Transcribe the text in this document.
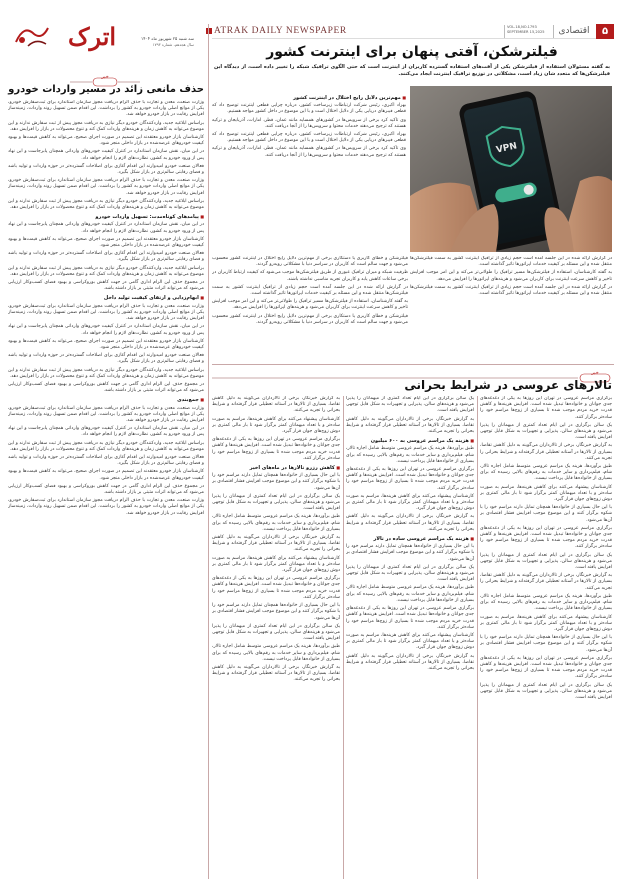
اترک	سه شنبه ۲۵ شهریور ماه ۱۴۰۴
سال هجدهم، شماره ۱۷۹۳
ATRAK DAILY NEWSPAPER	VOL.18,NO.1793
SEPTEMBER 15,2025	اقتصادی	۵
فیلترشکن، آفتی پنهان برای اینترنت کشور
به گفته مسئولان استفاده از فیلترشکن یکی از آفت‌های استفاده گسترده کاربران از اینترنت است که حتی الگوی ترافیک شبکه را تغییر داده است، از دیدگاه این فیلترشکن‌ها که متعدد شان زیاد است، مشکلاتی در توزیع ترافیک اینترنت ایجاد می‌کنند.
VPN

فیلترشکن و خطای کاربری یا دستکاری برخی از مهم‌ترین دلایل رایج اختلال در اینترنت کشور محسوب می‌شود و جهت سالم است که کاربران در سراسر دنیا با مشکلاتی روبه‌رو گردند.

ظرفیت شبکه و میزان ترافیک عبوری از طریق فیلترشکن‌ها موجب می‌شود که کیفیت ارتباط کاربران در برخی ساعات کاهش یابد و کاربران تجربه مناسبی نداشته باشند.

در گزارش ارائه شده در این جلسه آمده است حجم زیادی از ترافیک اینترنت کشور به سمت فیلترشکن‌ها منتقل شده و این مسئله بر کیفیت خدمات اپراتورها تاثیر گذاشته است.

به گفته کارشناسان، استفاده از فیلترشکن‌ها مسیر ترافیک را طولانی‌تر می‌کند و این امر موجب افزایش تاخیر و کاهش سرعت اینترنت برای کاربران می‌شود و هزینه‌های اپراتورها را افزایش می‌دهد.

فیلترشکن و خطای کاربری یا دستکاری برخی از مهم‌ترین دلایل رایج اختلال در اینترنت کشور محسوب می‌شود و جهت سالم است که کاربران در سراسر دنیا با مشکلاتی روبه‌رو گردند.

در گزارش ارائه شده در این جلسه آمده است حجم زیادی از ترافیک اینترنت کشور به سمت فیلترشکن‌ها منتقل شده و این مسئله بر کیفیت خدمات اپراتورها تاثیر گذاشته است.

به گفته کارشناسان، استفاده از فیلترشکن‌ها مسیر ترافیک را طولانی‌تر می‌کند و این امر موجب افزایش تاخیر و کاهش سرعت اینترنت برای کاربران می‌شود و هزینه‌های اپراتورها را افزایش می‌دهد.

در گزارش ارائه شده در این جلسه آمده است حجم زیادی از ترافیک اینترنت کشور به سمت فیلترشکن‌ها منتقل شده و این مسئله بر کیفیت خدمات اپراتورها تاثیر گذاشته است.

■ مهم‌ترین دلایل رایج اختلال در اینترنت کشور

بهزاد اکبری، رئیس شرکت ارتباطات زیرساخت کشور، درباره چرایی قطعی اینترنت توضیح داد که قطعی فیبرهای دریایی یکی از دلایل اختلال است و با این موضوع در داخل کشور مواجه هستیم.

وی تاکید کرد برخی از سرویس‌ها در کشورهای همسایه مانند عمان، قطر، امارات، آذربایجان و ترکیه هستند که ترجیح می‌دهند خدمات محتوا و سرویس‌ها را از آنجا دریافت کنند.

بهزاد اکبری، رئیس شرکت ارتباطات زیرساخت کشور، درباره چرایی قطعی اینترنت توضیح داد که قطعی فیبرهای دریایی یکی از دلایل اختلال است و با این موضوع در داخل کشور مواجه هستیم.

وی تاکید کرد برخی از سرویس‌ها در کشورهای همسایه مانند عمان، قطر، امارات، آذربایجان و ترکیه هستند که ترجیح می‌دهند خدمات محتوا و سرویس‌ها را از آنجا دریافت کنند.

خبر
حذف مانعی زائد در مسیر واردات خودرو

وزارت صنعت، معدن و تجارت با حذف الزام دریافت مجوز سازمان استاندارد برای ثبت‌سفارش خودرو، یکی از موانع اصلی واردات خودرو به کشور را برداشت. این اقدام ضمن تسهیل روند واردات، زمینه‌ساز افزایش رقابت در بازار خودرو خواهد شد.

براساس ابلاغیه جدید، واردکنندگان خودرو دیگر نیازی به دریافت مجوز پیش از ثبت سفارش ندارند و این موضوع می‌تواند به کاهش زمان و هزینه‌های واردات کمک کند و تنوع محصولات در بازار را افزایش دهد.

کارشناسان بازار خودرو معتقدند این تصمیم در صورت اجرای صحیح، می‌تواند به کاهش قیمت‌ها و بهبود کیفیت خودروهای عرضه‌شده در بازار داخلی منجر شود.

در این میان، نقش سازمان استاندارد در کنترل کیفیت خودروهای وارداتی همچنان پابرجاست و این نهاد پس از ورود خودرو به کشور، نظارت‌های لازم را انجام خواهد داد.

فعالان صنعت خودرو امیدوارند این اقدام آغازی برای اصلاحات گسترده‌تر در حوزه واردات و تولید باشد و فضای رقابتی سالم‌تری در بازار شکل بگیرد.

وزارت صنعت، معدن و تجارت با حذف الزام دریافت مجوز سازمان استاندارد برای ثبت‌سفارش خودرو، یکی از موانع اصلی واردات خودرو به کشور را برداشت. این اقدام ضمن تسهیل روند واردات، زمینه‌ساز افزایش رقابت در بازار خودرو خواهد شد.

براساس ابلاغیه جدید، واردکنندگان خودرو دیگر نیازی به دریافت مجوز پیش از ثبت سفارش ندارند و این موضوع می‌تواند به کاهش زمان و هزینه‌های واردات کمک کند و تنوع محصولات در بازار را افزایش دهد.

■ پیامدهای کوتاه‌مدت: تسهیل واردات خودرو

در این میان، نقش سازمان استاندارد در کنترل کیفیت خودروهای وارداتی همچنان پابرجاست و این نهاد پس از ورود خودرو به کشور، نظارت‌های لازم را انجام خواهد داد.

کارشناسان بازار خودرو معتقدند این تصمیم در صورت اجرای صحیح، می‌تواند به کاهش قیمت‌ها و بهبود کیفیت خودروهای عرضه‌شده در بازار داخلی منجر شود.

فعالان صنعت خودرو امیدوارند این اقدام آغازی برای اصلاحات گسترده‌تر در حوزه واردات و تولید باشد و فضای رقابتی سالم‌تری در بازار شکل بگیرد.

براساس ابلاغیه جدید، واردکنندگان خودرو دیگر نیازی به دریافت مجوز پیش از ثبت سفارش ندارند و این موضوع می‌تواند به کاهش زمان و هزینه‌های واردات کمک کند و تنوع محصولات در بازار را افزایش دهد.

در مجموع حذف این الزام اداری گامی در جهت کاهش بوروکراسی و بهبود فضای کسب‌وکار ارزیابی می‌شود که می‌تواند اثرات مثبتی بر بازار داشته باشد.

■ ابهام‌زدایی و ارتقای کیفیت تولید داخل

وزارت صنعت، معدن و تجارت با حذف الزام دریافت مجوز سازمان استاندارد برای ثبت‌سفارش خودرو، یکی از موانع اصلی واردات خودرو به کشور را برداشت. این اقدام ضمن تسهیل روند واردات، زمینه‌ساز افزایش رقابت در بازار خودرو خواهد شد.

در این میان، نقش سازمان استاندارد در کنترل کیفیت خودروهای وارداتی همچنان پابرجاست و این نهاد پس از ورود خودرو به کشور، نظارت‌های لازم را انجام خواهد داد.

کارشناسان بازار خودرو معتقدند این تصمیم در صورت اجرای صحیح، می‌تواند به کاهش قیمت‌ها و بهبود کیفیت خودروهای عرضه‌شده در بازار داخلی منجر شود.

فعالان صنعت خودرو امیدوارند این اقدام آغازی برای اصلاحات گسترده‌تر در حوزه واردات و تولید باشد و فضای رقابتی سالم‌تری در بازار شکل بگیرد.

براساس ابلاغیه جدید، واردکنندگان خودرو دیگر نیازی به دریافت مجوز پیش از ثبت سفارش ندارند و این موضوع می‌تواند به کاهش زمان و هزینه‌های واردات کمک کند و تنوع محصولات در بازار را افزایش دهد.

در مجموع حذف این الزام اداری گامی در جهت کاهش بوروکراسی و بهبود فضای کسب‌وکار ارزیابی می‌شود که می‌تواند اثرات مثبتی بر بازار داشته باشد.

■ جمع‌بندی

وزارت صنعت، معدن و تجارت با حذف الزام دریافت مجوز سازمان استاندارد برای ثبت‌سفارش خودرو، یکی از موانع اصلی واردات خودرو به کشور را برداشت. این اقدام ضمن تسهیل روند واردات، زمینه‌ساز افزایش رقابت در بازار خودرو خواهد شد.

در این میان، نقش سازمان استاندارد در کنترل کیفیت خودروهای وارداتی همچنان پابرجاست و این نهاد پس از ورود خودرو به کشور، نظارت‌های لازم را انجام خواهد داد.

براساس ابلاغیه جدید، واردکنندگان خودرو دیگر نیازی به دریافت مجوز پیش از ثبت سفارش ندارند و این موضوع می‌تواند به کاهش زمان و هزینه‌های واردات کمک کند و تنوع محصولات در بازار را افزایش دهد.

فعالان صنعت خودرو امیدوارند این اقدام آغازی برای اصلاحات گسترده‌تر در حوزه واردات و تولید باشد و فضای رقابتی سالم‌تری در بازار شکل بگیرد.

کارشناسان بازار خودرو معتقدند این تصمیم در صورت اجرای صحیح، می‌تواند به کاهش قیمت‌ها و بهبود کیفیت خودروهای عرضه‌شده در بازار داخلی منجر شود.

در مجموع حذف این الزام اداری گامی در جهت کاهش بوروکراسی و بهبود فضای کسب‌وکار ارزیابی می‌شود که می‌تواند اثرات مثبتی بر بازار داشته باشد.

وزارت صنعت، معدن و تجارت با حذف الزام دریافت مجوز سازمان استاندارد برای ثبت‌سفارش خودرو، یکی از موانع اصلی واردات خودرو به کشور را برداشت. این اقدام ضمن تسهیل روند واردات، زمینه‌ساز افزایش رقابت در بازار خودرو خواهد شد.

خبر
تالارهای عروسی در شرایط بحرانی

برگزاری مراسم عروسی در تهران این روزها به یکی از دغدغه‌های جدی جوانان و خانواده‌ها تبدیل شده است. افزایش هزینه‌ها و کاهش قدرت خرید مردم موجب شده تا بسیاری از زوج‌ها مراسم خود را ساده‌تر برگزار کنند.

یک سالن برگزاری در این ایام تعداد کمتری از میهمانان را پذیرا می‌شود و هزینه‌های سالن، پذیرایی و تجهیزات به شکل قابل توجهی افزایش یافته است.

به گزارش خبرنگار، برخی از تالارداران می‌گویند به دلیل کاهش تقاضا، بسیاری از تالارها در آستانه تعطیلی قرار گرفته‌اند و شرایط بحرانی را تجربه می‌کنند.

طبق برآوردها، هزینه یک مراسم عروسی متوسط شامل اجاره تالار، شام، فیلم‌برداری و سایر خدمات به رقم‌های بالایی رسیده که برای بسیاری از خانواده‌ها قابل پرداخت نیست.

کارشناسان پیشنهاد می‌کنند برای کاهش هزینه‌ها، مراسم به صورت ساده‌تر و با تعداد میهمانان کمتر برگزار شود تا بار مالی کمتری بر دوش زوج‌های جوان قرار گیرد.

با این حال بسیاری از خانواده‌ها همچنان تمایل دارند مراسم خود را با شکوه برگزار کنند و این موضوع موجب افزایش فشار اقتصادی بر آن‌ها می‌شود.

برگزاری مراسم عروسی در تهران این روزها به یکی از دغدغه‌های جدی جوانان و خانواده‌ها تبدیل شده است. افزایش هزینه‌ها و کاهش قدرت خرید مردم موجب شده تا بسیاری از زوج‌ها مراسم خود را ساده‌تر برگزار کنند.

یک سالن برگزاری در این ایام تعداد کمتری از میهمانان را پذیرا می‌شود و هزینه‌های سالن، پذیرایی و تجهیزات به شکل قابل توجهی افزایش یافته است.

به گزارش خبرنگار، برخی از تالارداران می‌گویند به دلیل کاهش تقاضا، بسیاری از تالارها در آستانه تعطیلی قرار گرفته‌اند و شرایط بحرانی را تجربه می‌کنند.

طبق برآوردها، هزینه یک مراسم عروسی متوسط شامل اجاره تالار، شام، فیلم‌برداری و سایر خدمات به رقم‌های بالایی رسیده که برای بسیاری از خانواده‌ها قابل پرداخت نیست.

کارشناسان پیشنهاد می‌کنند برای کاهش هزینه‌ها، مراسم به صورت ساده‌تر و با تعداد میهمانان کمتر برگزار شود تا بار مالی کمتری بر دوش زوج‌های جوان قرار گیرد.

با این حال بسیاری از خانواده‌ها همچنان تمایل دارند مراسم خود را با شکوه برگزار کنند و این موضوع موجب افزایش فشار اقتصادی بر آن‌ها می‌شود.

برگزاری مراسم عروسی در تهران این روزها به یکی از دغدغه‌های جدی جوانان و خانواده‌ها تبدیل شده است. افزایش هزینه‌ها و کاهش قدرت خرید مردم موجب شده تا بسیاری از زوج‌ها مراسم خود را ساده‌تر برگزار کنند.

یک سالن برگزاری در این ایام تعداد کمتری از میهمانان را پذیرا می‌شود و هزینه‌های سالن، پذیرایی و تجهیزات به شکل قابل توجهی افزایش یافته است.

یک سالن برگزاری در این ایام تعداد کمتری از میهمانان را پذیرا می‌شود و هزینه‌های سالن، پذیرایی و تجهیزات به شکل قابل توجهی افزایش یافته است.

به گزارش خبرنگار، برخی از تالارداران می‌گویند به دلیل کاهش تقاضا، بسیاری از تالارها در آستانه تعطیلی قرار گرفته‌اند و شرایط بحرانی را تجربه می‌کنند.

■ هزینه یک مراسم عروسی به ۶۰۰ میلیون

طبق برآوردها، هزینه یک مراسم عروسی متوسط شامل اجاره تالار، شام، فیلم‌برداری و سایر خدمات به رقم‌های بالایی رسیده که برای بسیاری از خانواده‌ها قابل پرداخت نیست.

برگزاری مراسم عروسی در تهران این روزها به یکی از دغدغه‌های جدی جوانان و خانواده‌ها تبدیل شده است. افزایش هزینه‌ها و کاهش قدرت خرید مردم موجب شده تا بسیاری از زوج‌ها مراسم خود را ساده‌تر برگزار کنند.

کارشناسان پیشنهاد می‌کنند برای کاهش هزینه‌ها، مراسم به صورت ساده‌تر و با تعداد میهمانان کمتر برگزار شود تا بار مالی کمتری بر دوش زوج‌های جوان قرار گیرد.

به گزارش خبرنگار، برخی از تالارداران می‌گویند به دلیل کاهش تقاضا، بسیاری از تالارها در آستانه تعطیلی قرار گرفته‌اند و شرایط بحرانی را تجربه می‌کنند.

■ هزینه یک مراسم عروسی ساده در تالار

با این حال بسیاری از خانواده‌ها همچنان تمایل دارند مراسم خود را با شکوه برگزار کنند و این موضوع موجب افزایش فشار اقتصادی بر آن‌ها می‌شود.

یک سالن برگزاری در این ایام تعداد کمتری از میهمانان را پذیرا می‌شود و هزینه‌های سالن، پذیرایی و تجهیزات به شکل قابل توجهی افزایش یافته است.

طبق برآوردها، هزینه یک مراسم عروسی متوسط شامل اجاره تالار، شام، فیلم‌برداری و سایر خدمات به رقم‌های بالایی رسیده که برای بسیاری از خانواده‌ها قابل پرداخت نیست.

برگزاری مراسم عروسی در تهران این روزها به یکی از دغدغه‌های جدی جوانان و خانواده‌ها تبدیل شده است. افزایش هزینه‌ها و کاهش قدرت خرید مردم موجب شده تا بسیاری از زوج‌ها مراسم خود را ساده‌تر برگزار کنند.

کارشناسان پیشنهاد می‌کنند برای کاهش هزینه‌ها، مراسم به صورت ساده‌تر و با تعداد میهمانان کمتر برگزار شود تا بار مالی کمتری بر دوش زوج‌های جوان قرار گیرد.

به گزارش خبرنگار، برخی از تالارداران می‌گویند به دلیل کاهش تقاضا، بسیاری از تالارها در آستانه تعطیلی قرار گرفته‌اند و شرایط بحرانی را تجربه می‌کنند.

به گزارش خبرنگار، برخی از تالارداران می‌گویند به دلیل کاهش تقاضا، بسیاری از تالارها در آستانه تعطیلی قرار گرفته‌اند و شرایط بحرانی را تجربه می‌کنند.

کارشناسان پیشنهاد می‌کنند برای کاهش هزینه‌ها، مراسم به صورت ساده‌تر و با تعداد میهمانان کمتر برگزار شود تا بار مالی کمتری بر دوش زوج‌های جوان قرار گیرد.

برگزاری مراسم عروسی در تهران این روزها به یکی از دغدغه‌های جدی جوانان و خانواده‌ها تبدیل شده است. افزایش هزینه‌ها و کاهش قدرت خرید مردم موجب شده تا بسیاری از زوج‌ها مراسم خود را ساده‌تر برگزار کنند.

■ کاهش رزرو تالارها در ماه‌های اخیر

با این حال بسیاری از خانواده‌ها همچنان تمایل دارند مراسم خود را با شکوه برگزار کنند و این موضوع موجب افزایش فشار اقتصادی بر آن‌ها می‌شود.

یک سالن برگزاری در این ایام تعداد کمتری از میهمانان را پذیرا می‌شود و هزینه‌های سالن، پذیرایی و تجهیزات به شکل قابل توجهی افزایش یافته است.

طبق برآوردها، هزینه یک مراسم عروسی متوسط شامل اجاره تالار، شام، فیلم‌برداری و سایر خدمات به رقم‌های بالایی رسیده که برای بسیاری از خانواده‌ها قابل پرداخت نیست.

به گزارش خبرنگار، برخی از تالارداران می‌گویند به دلیل کاهش تقاضا، بسیاری از تالارها در آستانه تعطیلی قرار گرفته‌اند و شرایط بحرانی را تجربه می‌کنند.

کارشناسان پیشنهاد می‌کنند برای کاهش هزینه‌ها، مراسم به صورت ساده‌تر و با تعداد میهمانان کمتر برگزار شود تا بار مالی کمتری بر دوش زوج‌های جوان قرار گیرد.

برگزاری مراسم عروسی در تهران این روزها به یکی از دغدغه‌های جدی جوانان و خانواده‌ها تبدیل شده است. افزایش هزینه‌ها و کاهش قدرت خرید مردم موجب شده تا بسیاری از زوج‌ها مراسم خود را ساده‌تر برگزار کنند.

با این حال بسیاری از خانواده‌ها همچنان تمایل دارند مراسم خود را با شکوه برگزار کنند و این موضوع موجب افزایش فشار اقتصادی بر آن‌ها می‌شود.

یک سالن برگزاری در این ایام تعداد کمتری از میهمانان را پذیرا می‌شود و هزینه‌های سالن، پذیرایی و تجهیزات به شکل قابل توجهی افزایش یافته است.

طبق برآوردها، هزینه یک مراسم عروسی متوسط شامل اجاره تالار، شام، فیلم‌برداری و سایر خدمات به رقم‌های بالایی رسیده که برای بسیاری از خانواده‌ها قابل پرداخت نیست.

به گزارش خبرنگار، برخی از تالارداران می‌گویند به دلیل کاهش تقاضا، بسیاری از تالارها در آستانه تعطیلی قرار گرفته‌اند و شرایط بحرانی را تجربه می‌کنند.
